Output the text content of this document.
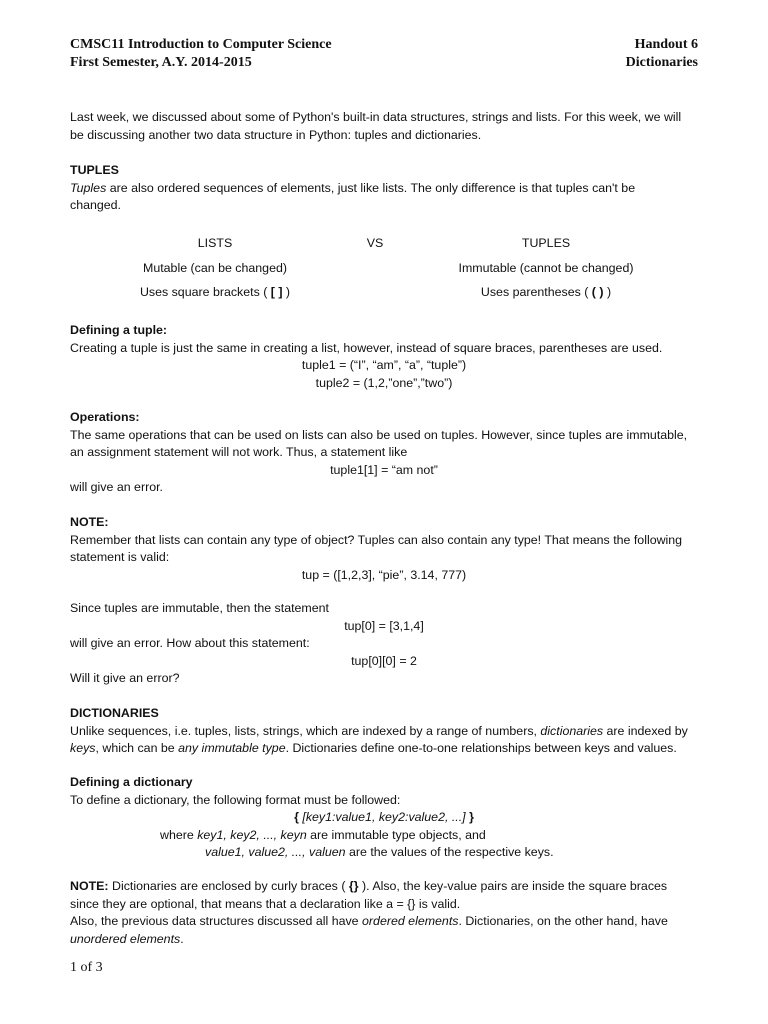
CMSC11 Introduction to Computer Science
First Semester, A.Y. 2014-2015
Handout 6
Dictionaries

Last week, we discussed about some of Python's built-in data structures, strings and lists. For this week, we will

be discussing another two data structure in Python: tuples and dictionaries.

TUPLES

Tuples are also ordered sequences of elements, just like lists. The only difference is that tuples can't be

changed.

LISTS	VS	TUPLES
Mutable (can be changed)	Immutable (cannot be changed)
Uses square brackets ( [ ] )	Uses parentheses ( ( ) )

Defining a tuple:

Creating a tuple is just the same in creating a list, however, instead of square braces, parentheses are used.

tuple1 = (“I”, “am”, “a”, “tuple”)

tuple2 = (1,2,”one”,”two”)

Operations:

The same operations that can be used on lists can also be used on tuples. However, since tuples are immutable,

an assignment statement will not work. Thus, a statement like

tuple1[1] = “am not”

will give an error.

NOTE:

Remember that lists can contain any type of object? Tuples can also contain any type! That means the following

statement is valid:

tup = ([1,2,3], “pie”, 3.14, 777)

Since tuples are immutable, then the statement

tup[0] = [3,1,4]

will give an error. How about this statement:

tup[0][0] = 2

Will it give an error?

DICTIONARIES

Unlike sequences, i.e. tuples, lists, strings, which are indexed by a range of numbers, dictionaries are indexed by

keys, which can be any immutable type. Dictionaries define one-to-one relationships between keys and values.

Defining a dictionary

To define a dictionary, the following format must be followed:

{ [key1:value1, key2:value2, ...] }

where key1, key2, ..., keyn are immutable type objects, and

value1, value2, ..., valuen are the values of the respective keys.

NOTE: Dictionaries are enclosed by curly braces ( {} ). Also, the key-value pairs are inside the square braces

since they are optional, that means that a declaration like a = {} is valid.

Also, the previous data structures discussed all have ordered elements. Dictionaries, on the other hand, have

unordered elements.

1 of 3
